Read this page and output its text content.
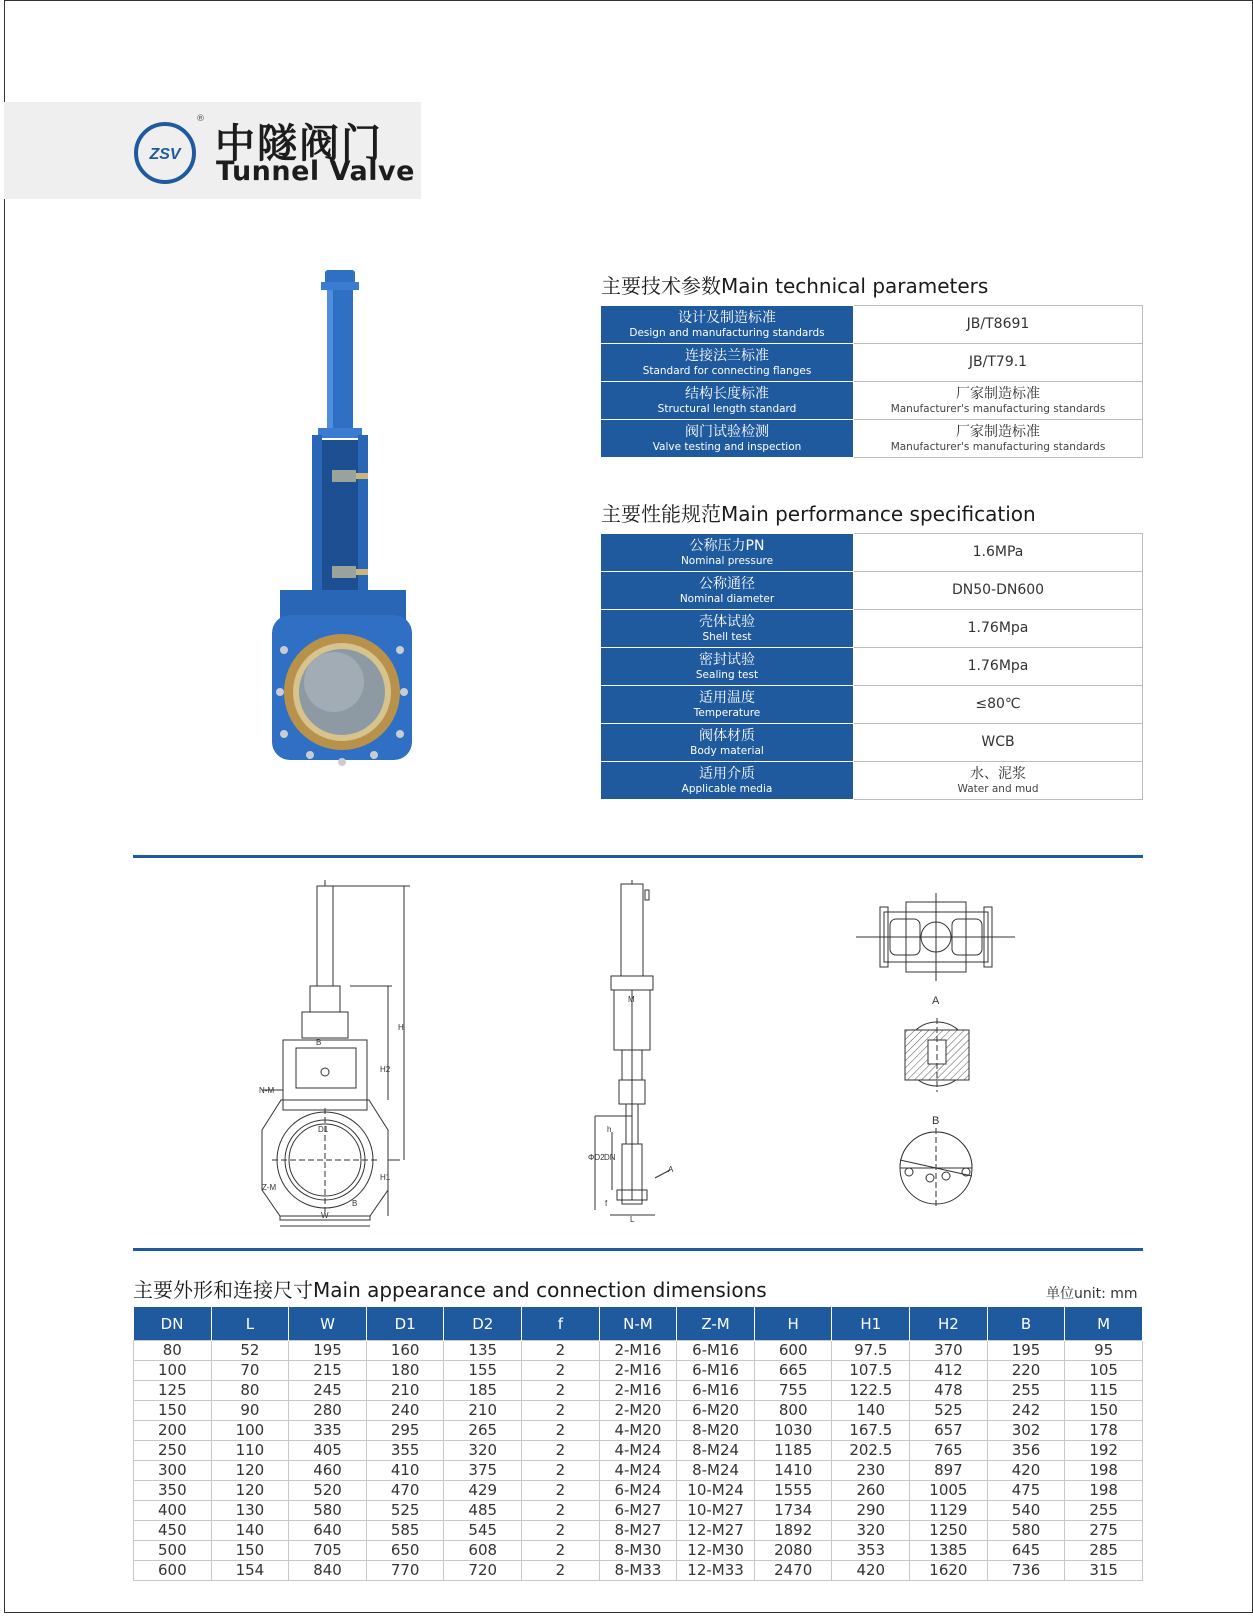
ZSV
®
中隧阀门
Tunnel Valve
主要技术参数Main technical parameters
设计及制造标准
Design and manufacturing standards	JB/T8691

连接法兰标准
Standard for connecting flanges	JB/T79.1

结构长度标准
Structural length standard	厂家制造标准
Manufacturer's manufacturing standards

阀门试验检测
Valve testing and inspection	厂家制造标准
Manufacturer's manufacturing standards
主要性能规范Main performance specification
公称压力PN
Nominal pressure	1.6MPa

公称通径
Nominal diameter	DN50-DN600

壳体试验
Shell test	1.76Mpa

密封试验
Sealing test	1.76Mpa

适用温度
Temperature	≤80℃

阀体材质
Body material	WCB

适用介质
Applicable media	水、泥浆
Water and mud
H
H2
H1
B
N-M
Z-M
D1
B
W
M
h
ΦD2 DN
A
f
L
A
B
主要外形和连接尺寸Main appearance and connection dimensions	单位unit: mm
DN	L	W	D1	D2	f	N-M	Z-M	H	H1	H2	B	M
80	52	195	160	135	2	2-M16	6-M16	600	97.5	370	195	95
100	70	215	180	155	2	2-M16	6-M16	665	107.5	412	220	105
125	80	245	210	185	2	2-M16	6-M16	755	122.5	478	255	115
150	90	280	240	210	2	2-M20	6-M20	800	140	525	242	150
200	100	335	295	265	2	4-M20	8-M20	1030	167.5	657	302	178
250	110	405	355	320	2	4-M24	8-M24	1185	202.5	765	356	192
300	120	460	410	375	2	4-M24	8-M24	1410	230	897	420	198
350	120	520	470	429	2	6-M24	10-M24	1555	260	1005	475	198
400	130	580	525	485	2	6-M27	10-M27	1734	290	1129	540	255
450	140	640	585	545	2	8-M27	12-M27	1892	320	1250	580	275
500	150	705	650	608	2	8-M30	12-M30	2080	353	1385	645	285
600	154	840	770	720	2	8-M33	12-M33	2470	420	1620	736	315
